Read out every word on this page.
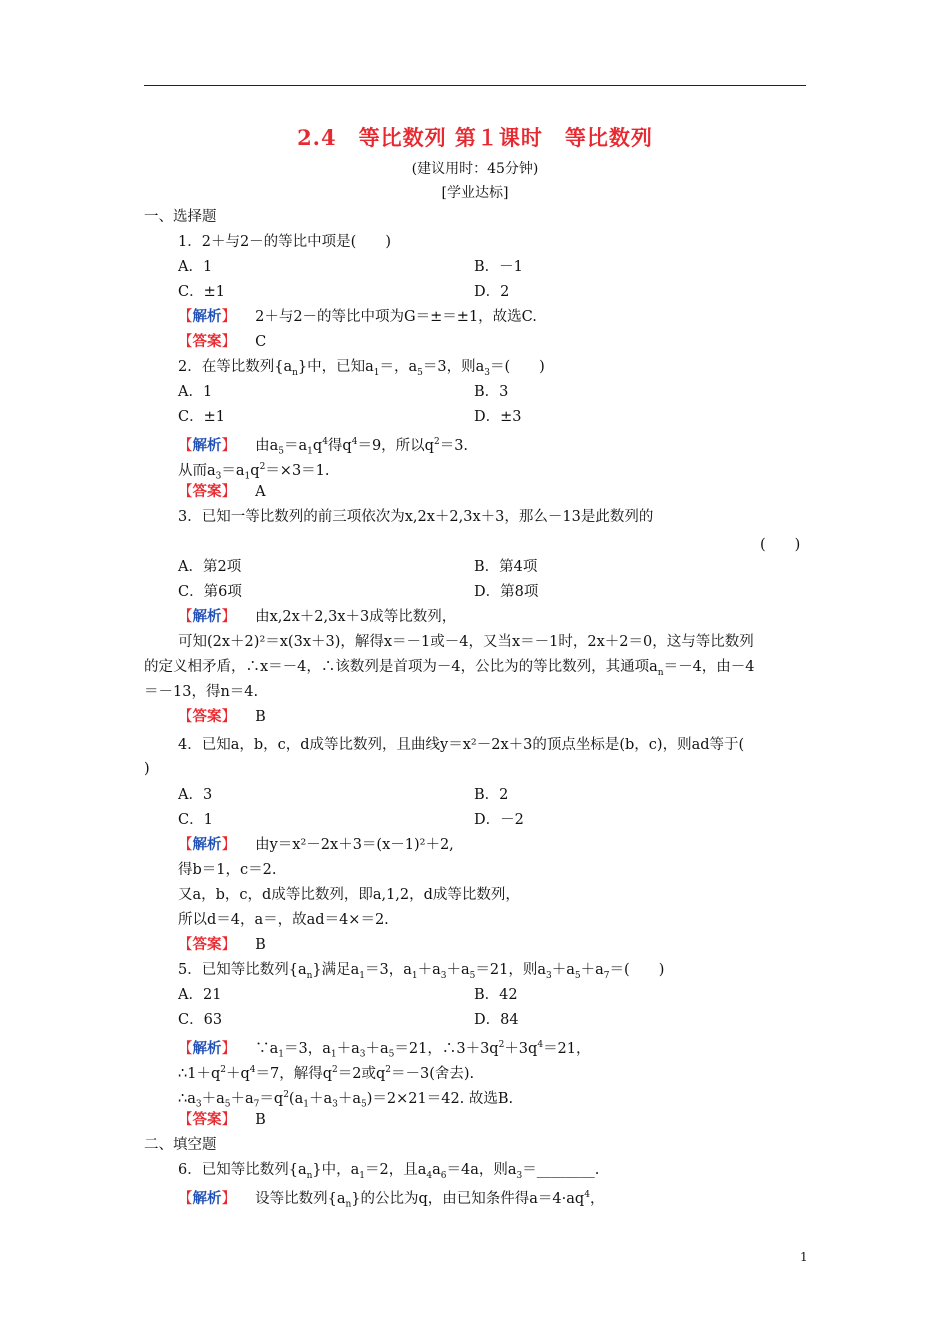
2.4　等比数列 第１课时　等比数列
(建议用时：45分钟)
[学业达标]
一、选择题
1．2＋与2－的等比中项是(　　)
A．1	B．－1
C．±1	D．2
【解析】 　 2＋与2－的等比中项为G＝±＝±1，故选C.
【答案】 　 C
2．在等比数列$\{a_n\}$中，已知$a_1=$，$a_5=3$，则$a_3=$(　　)
A．1	B．3
C．±1	D．±3
【解析】 　由$a_5=a_1q^4$得$q^4=9$，所以$q^2=3$.
从而$a_3=a_1q^2=\times 3=1$.
【答案】 　 A
3．已知一等比数列的前三项依次为x,2x＋2,3x＋3，那么－13是此数列的
(　　)
A．第2项	B．第4项
C．第6项	D．第8项
【解析】 　 由x,2x＋2,3x＋3成等比数列，
可知(2x＋2)²＝x(3x＋3)，解得x＝－1或－4，又当x＝－1时，2x＋2＝0，这与等比数列
的定义相矛盾，∴x＝－4，∴该数列是首项为－4，公比为的等比数列，其通项$a_n=-4$，由－4
＝－13，得n＝4.
【答案】 　 B
4．已知a，b，c，d成等比数列，且曲线y＝x²－2x＋3的顶点坐标是(b，c)，则ad等于(
)
A．3	B．2
C．1	D．－2
【解析】 　 由y＝x²－2x＋3＝(x－1)²＋2,
得b＝1，c＝2.
又a，b，c，d成等比数列，即a,1,2，d成等比数列，
所以d＝4，a＝，故ad＝4×＝2.
【答案】 　 B
5．已知等比数列$\{a_n\}$满足$a_1=3$，$a_1+a_3+a_5=21$，则$a_3+a_5+a_7=$(　　)
A．21	B．42
C．63	D．84
【解析】 　$\because a_1=3$，$a_1+a_3+a_5=21$，$\therefore 3+3q^2+3q^4=21$，
$\therefore 1+q^2+q^4=7$，解得$q^2=2$或$q^2=-3$(舍去).
$\therefore a_3+a_5+a_7=q^2(a_1+a_3+a_5)=2\times 21=42$. 故选B.
【答案】 　 B
二、填空题
6．已知等比数列$\{a_n\}$中，$a_1=2$，且$a_4a_6=4a$，则$a_3=\_\_\_\_\_\_\_\_$.
【解析】 　设等比数列$\{a_n\}$的公比为q，由已知条件得$a=4\cdot aq^4$，
1
